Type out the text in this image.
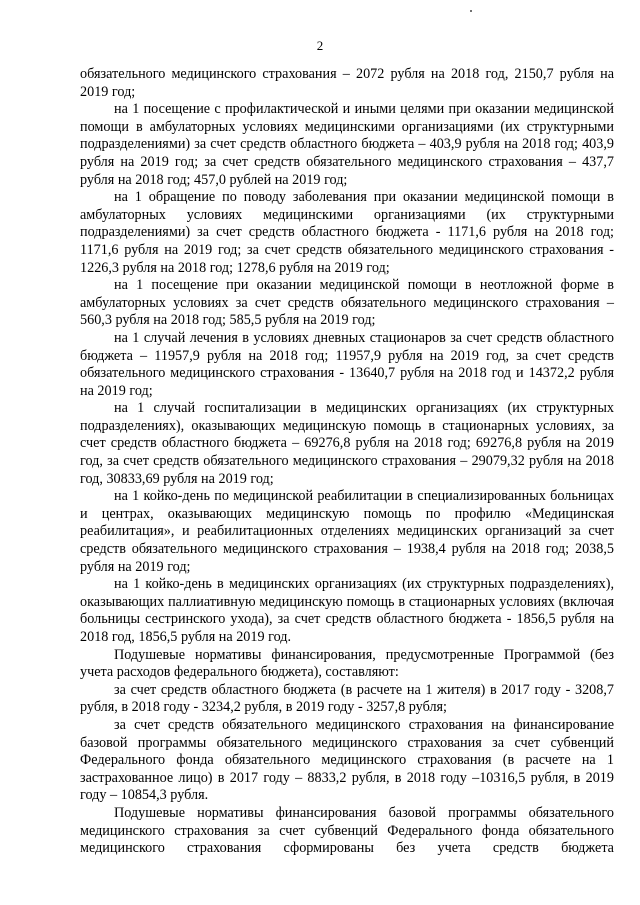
2

обязательного медицинского страхования – 2072 рубля на 2018 год, 2150,7 рубля на 2019 год;

на 1 посещение с профилактической и иными целями при оказании медицинской помощи в амбулаторных условиях медицинскими организациями (их структурными подразделениями) за счет средств областного бюджета – 403,9 рубля на 2018 год; 403,9 рубля на 2019 год; за счет средств обязательного медицинского страхования – 437,7 рубля на 2018 год; 457,0 рублей на 2019 год;

на 1 обращение по поводу заболевания при оказании медицинской помощи в амбулаторных условиях медицинскими организациями (их структурными подразделениями) за счет средств областного бюджета - 1171,6 рубля на 2018 год; 1171,6 рубля на 2019 год; за счет средств обязательного медицинского страхования - 1226,3 рубля на 2018 год; 1278,6 рубля на 2019 год;

на 1 посещение при оказании медицинской помощи в неотложной форме в амбулаторных условиях за счет средств обязательного медицинского страхования – 560,3 рубля на 2018 год; 585,5 рубля на 2019 год;

на 1 случай лечения в условиях дневных стационаров за счет средств областного бюджета – 11957,9 рубля на 2018 год; 11957,9 рубля на 2019 год, за счет средств обязательного медицинского страхования - 13640,7 рубля на 2018 год и 14372,2 рубля на 2019 год;

на 1 случай госпитализации в медицинских организациях (их структурных подразделениях), оказывающих медицинскую помощь в стационарных условиях, за счет средств областного бюджета – 69276,8 рубля на 2018 год; 69276,8 рубля на 2019 год, за счет средств обязательного медицинского страхования – 29079,32 рубля на 2018 год, 30833,69 рубля на 2019 год;

на 1 койко-день по медицинской реабилитации в специализированных больницах и центрах, оказывающих медицинскую помощь по профилю «Медицинская реабилитация», и реабилитационных отделениях медицинских организаций за счет средств обязательного медицинского страхования – 1938,4 рубля на 2018 год; 2038,5 рубля на 2019 год;

на 1 койко-день в медицинских организациях (их структурных подразделениях), оказывающих паллиативную медицинскую помощь в стационарных условиях (включая больницы сестринского ухода), за счет средств областного бюджета - 1856,5 рубля на 2018 год, 1856,5 рубля на 2019 год.

Подушевые нормативы финансирования, предусмотренные Программой (без учета расходов федерального бюджета), составляют:

за счет средств областного бюджета (в расчете на 1 жителя) в 2017 году - 3208,7 рубля, в 2018 году - 3234,2 рубля, в 2019 году - 3257,8 рубля;

за счет средств обязательного медицинского страхования на финансирование базовой программы обязательного медицинского страхования за счет субвенций Федерального фонда обязательного медицинского страхования (в расчете на 1 застрахованное лицо) в 2017 году – 8833,2 рубля, в 2018 году –10316,5 рубля, в 2019 году – 10854,3 рубля.

Подушевые нормативы финансирования базовой программы обязательного медицинского страхования за счет субвенций Федерального фонда обязательного медицинского страхования сформированы без учета средств бюджета
